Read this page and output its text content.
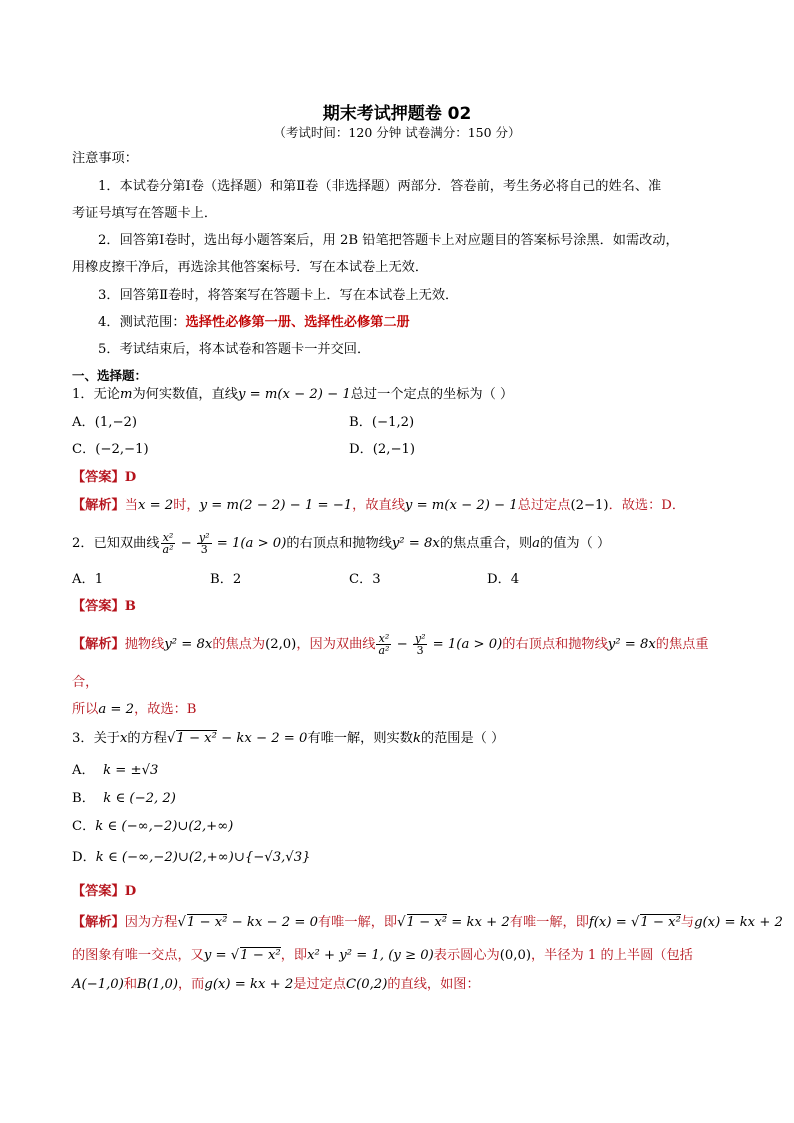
期末考试押题卷 02
（考试时间：120 分钟 试卷满分：150 分）
注意事项：
1．本试卷分第Ⅰ卷（选择题）和第Ⅱ卷（非选择题）两部分．答卷前，考生务必将自己的姓名、准
考证号填写在答题卡上．
2．回答第Ⅰ卷时，选出每小题答案后，用 2B 铅笔把答题卡上对应题目的答案标号涂黑．如需改动，
用橡皮擦干净后，再选涂其他答案标号．写在本试卷上无效．
3．回答第Ⅱ卷时，将答案写在答题卡上．写在本试卷上无效．
4．测试范围：选择性必修第一册、选择性必修第二册
5．考试结束后，将本试卷和答题卡一并交回．
一、选择题：
1．无论m为何实数值，直线y = m(x − 2) − 1总过一个定点的坐标为（ ）
A．(1,−2)	B．(−1,2)
C．(−2,−1)	D．(2,−1)
【答案】D
【解析】当x = 2时，y = m(2 − 2) − 1 = −1，故直线y = m(x − 2) − 1总过定点(2−1)．故选：D．
2．已知双曲线 $\frac{\text{x²}}{\text{a²}} - \frac{\text{y²}}{3} = 1(a > 0)$的右顶点和抛物线y² = 8x的焦点重合，则a的值为（ ）
A．1	B．2	C．3	D．4
【答案】B
【解析】抛物线y² = 8x的焦点为(2,0)，因为双曲线 $\frac{\text{x²}}{\text{a²}} - \frac{\text{y²}}{3} = 1(a > 0)$的右顶点和抛物线y² = 8x的焦点重
合，
所以a = 2，故选：B
3．关于x的方程√1 − x² − kx − 2 = 0有唯一解，则实数k的范围是（ ）
A． k = ±√3
B． k ∈ (−2, 2)
C．k ∈ (−∞,−2)∪(2,+∞)
D．k ∈ (−∞,−2)∪(2,+∞)∪{−√3,√3}
【答案】D
【解析】因为方程√1 − x² − kx − 2 = 0有唯一解，即√1 − x² = kx + 2有唯一解，即f(x) = √1 − x²与g(x) = kx + 2
的图象有唯一交点，又y = √1 − x²，即x² + y² = 1, (y ≥ 0)表示圆心为(0,0)，半径为 1 的上半圆（包括
A(−1,0)和B(1,0)，而g(x) = kx + 2是过定点C(0,2)的直线，如图：
